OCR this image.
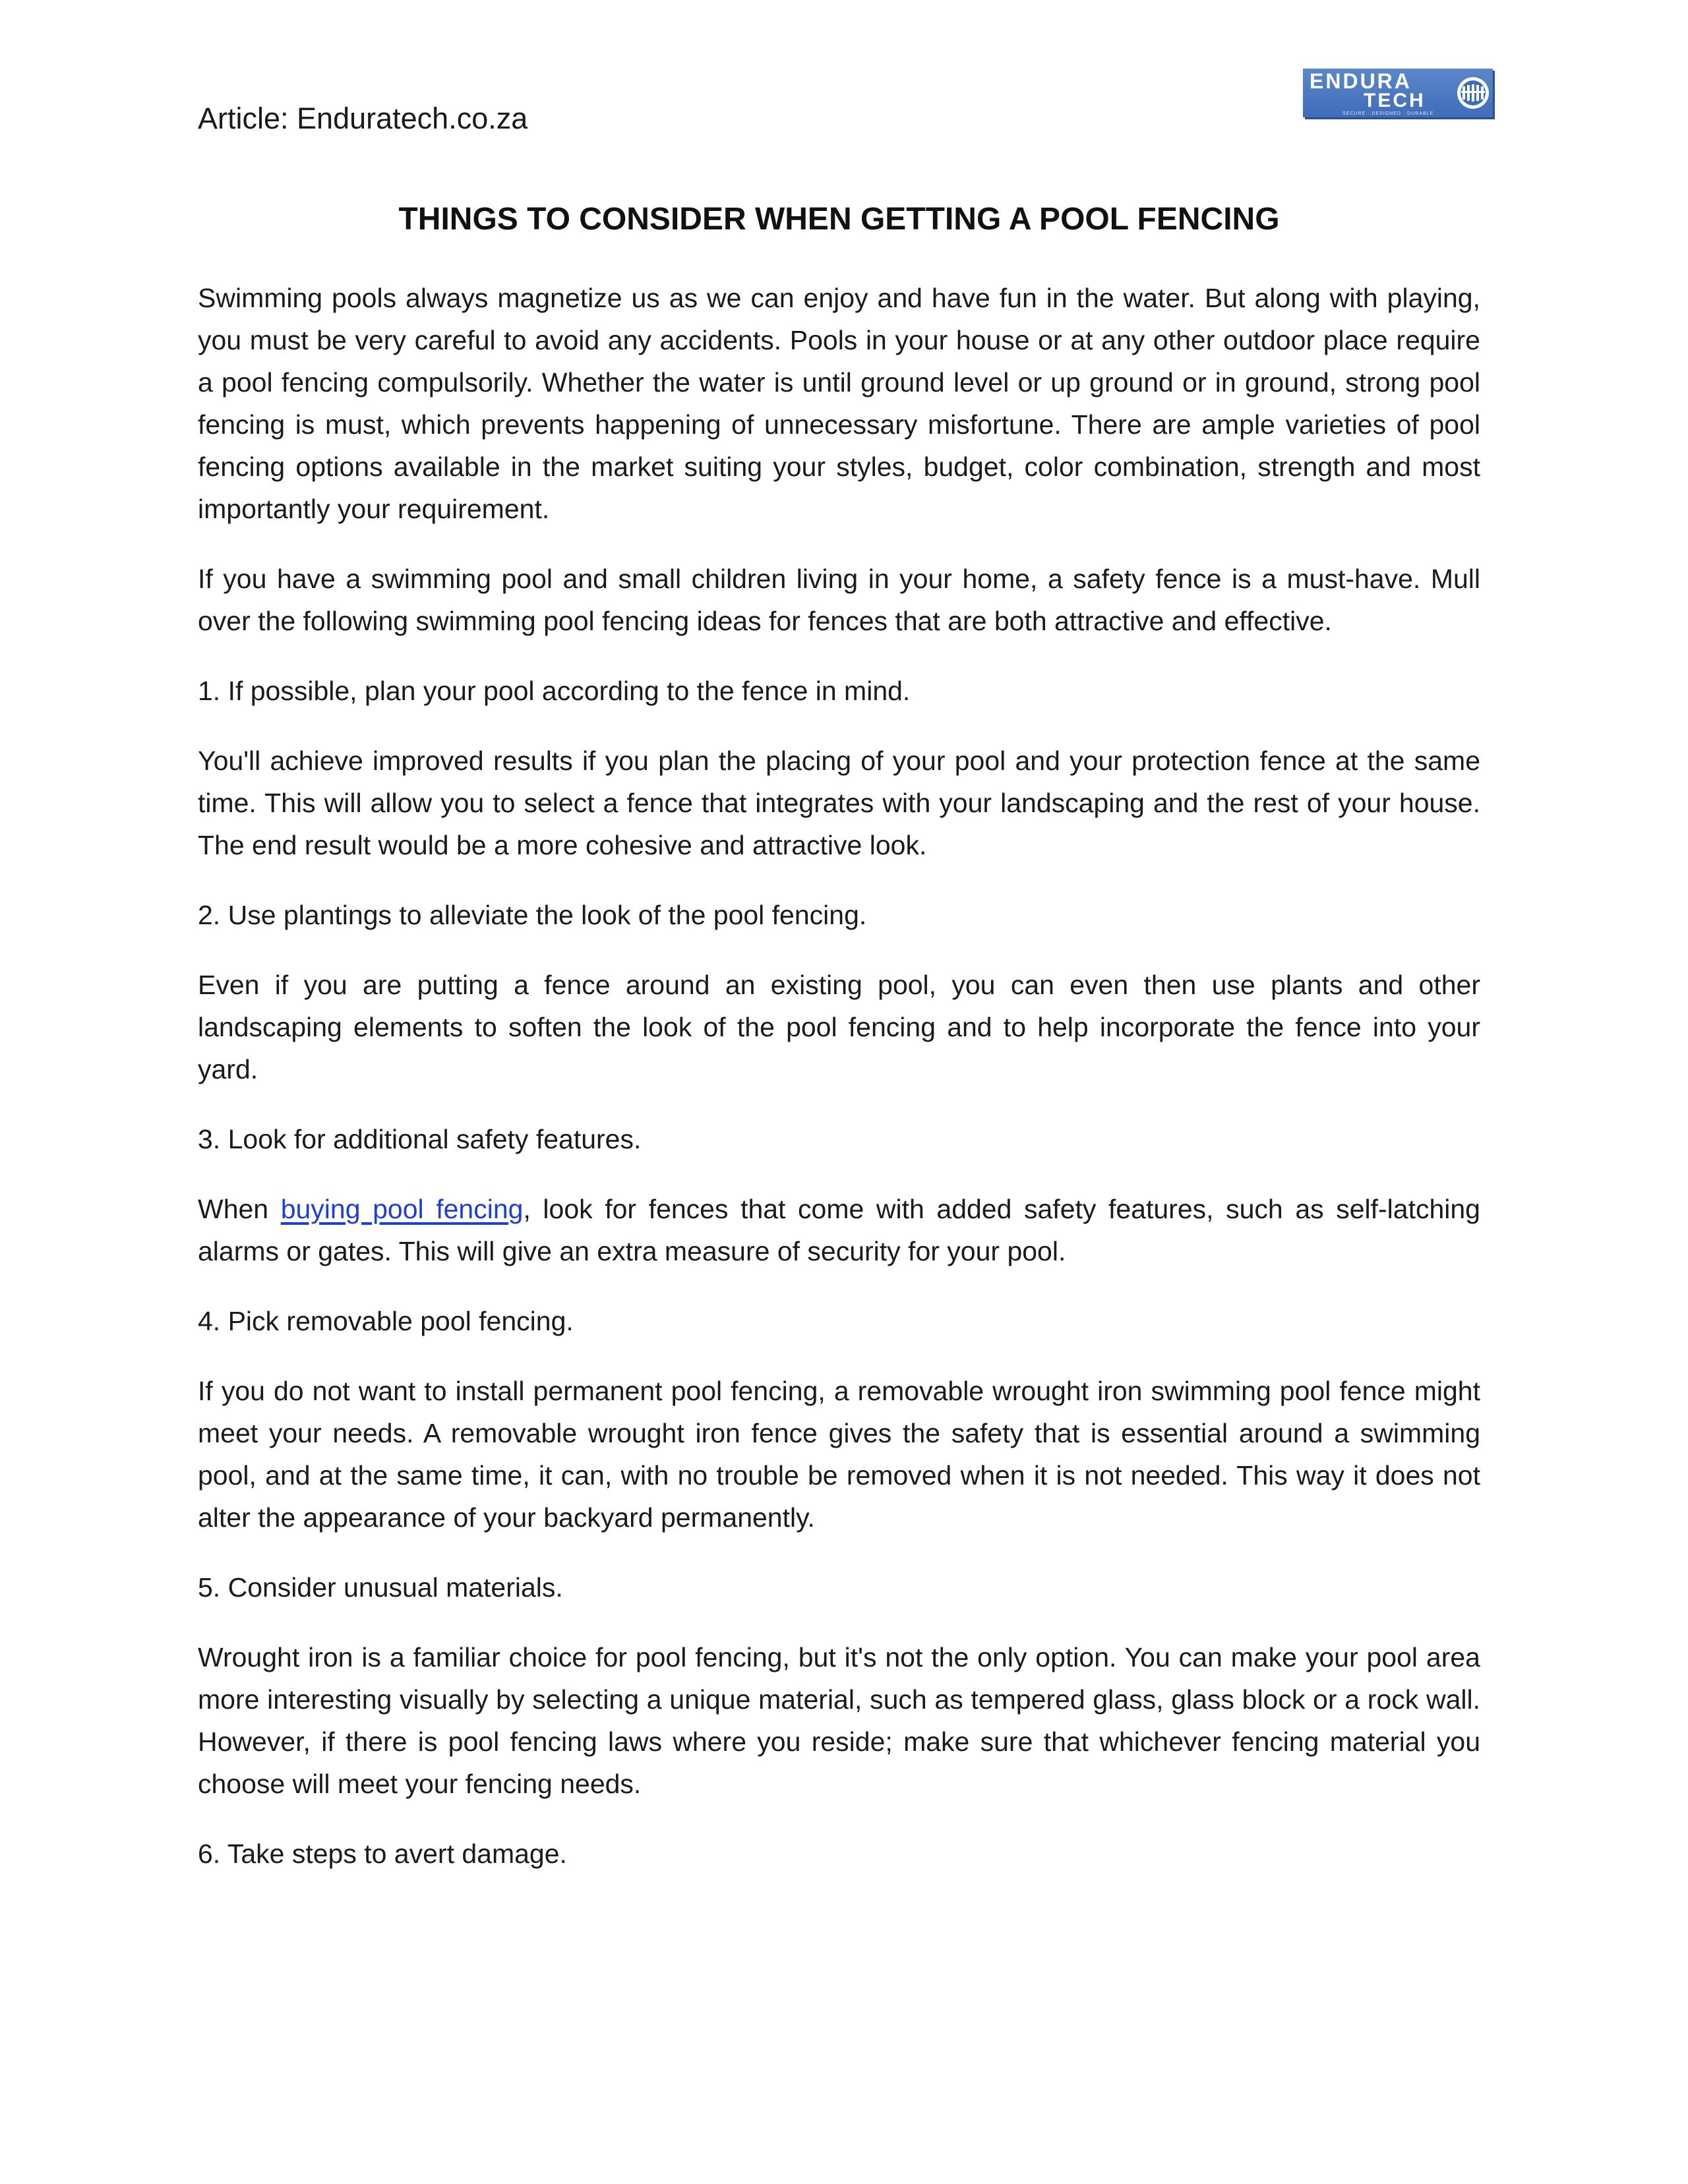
Article: Enduratech.co.za
ENDURA
TECH
SECURE · DESIGNED · DURABLE
THINGS TO CONSIDER WHEN GETTING A POOL FENCING

Swimming pools always magnetize us as we can enjoy and have fun in the water. But along with playing, you must be very careful to avoid any accidents. Pools in your house or at any other outdoor place require a pool fencing compulsorily. Whether the water is until ground level or up ground or in ground, strong pool fencing is must, which prevents happening of unnecessary misfortune. There are ample varieties of pool fencing options available in the market suiting your styles, budget, color combination, strength and most importantly your requirement.

If you have a swimming pool and small children living in your home, a safety fence is a must-have. Mull over the following swimming pool fencing ideas for fences that are both attractive and effective.

1. If possible, plan your pool according to the fence in mind.

You'll achieve improved results if you plan the placing of your pool and your protection fence at the same time. This will allow you to select a fence that integrates with your landscaping and the rest of your house. The end result would be a more cohesive and attractive look.

2. Use plantings to alleviate the look of the pool fencing.

Even if you are putting a fence around an existing pool, you can even then use plants and other landscaping elements to soften the look of the pool fencing and to help incorporate the fence into your yard.

3. Look for additional safety features.

When buying pool fencing, look for fences that come with added safety features, such as self-latching alarms or gates. This will give an extra measure of security for your pool.

4. Pick removable pool fencing.

If you do not want to install permanent pool fencing, a removable wrought iron swimming pool fence might meet your needs. A removable wrought iron fence gives the safety that is essential around a swimming pool, and at the same time, it can, with no trouble be removed when it is not needed. This way it does not alter the appearance of your backyard permanently.

5. Consider unusual materials.

Wrought iron is a familiar choice for pool fencing, but it's not the only option. You can make your pool area more interesting visually by selecting a unique material, such as tempered glass, glass block or a rock wall. However, if there is pool fencing laws where you reside; make sure that whichever fencing material you choose will meet your fencing needs.

6. Take steps to avert damage.
